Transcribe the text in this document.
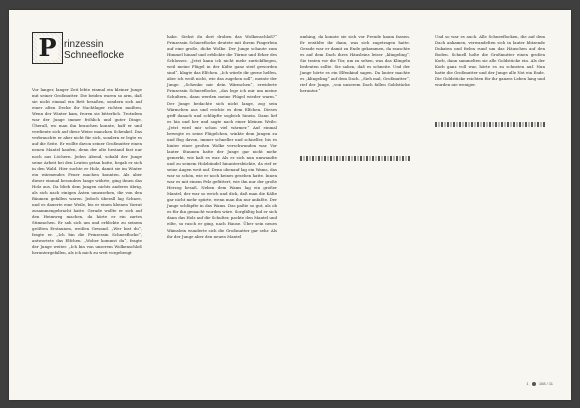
P rinzessin
Schneeflocke

Vor langer, langer Zeit lebte einmal ein kleiner Junge mit seiner Großmutter. Die beiden waren so arm, daß sie nicht einmal ein Bett besaßen, sondern sich auf einer alten Decke ihr Nachtlager richten mußten. Wenn der Winter kam, froren sie bitterlich. Trotzdem war der Junge immer fröhlich und guter Dinge. Überall, wo man ihn brauchen konnte, half er und verdiente sich auf diese Weise manchen Schenkel. Das verbrauchte er aber nicht für sich, sondern er legte es auf die Seite. Er wollte davon seiner Großmutter einen neuen Mantel kaufen, denn der alte bestand fast nur noch aus Löchern. Jeden Abend, sobald der Junge seine Arbeit bei den Leuten getan hatte, begab er sich in den Wald. Hier suchte er Holz, damit sie im Winter ein wärmendes Feuer machen konnten. Als aber dieser einmal besonders lange währte, ging ihnen das Holz aus. Da blieb dem Jungen nichts anderes übrig, als sich nach einigen Ästen umzusehen, die von den Bäumen gefallen waren. Jedoch überall lag Schnee, und es dauerte eine Weile, bis er einen kleinen Vorrat zusammengebracht hatte. Gerade wollte er sich auf den Heimweg machen, da hörte er ein zartes Stimmchen. Er sah sich um und erblickte zu seinem größten Erstaunen, weißen Gewand. „Wer bist du“, fragte er. „Ich bin die Prinzessin Schneeflocke“, antwortete das Elfchen. „Woher kommst du“, fragte der Junge weiter. „Ich bin von unserem Wolkenschloß heruntergefallen, als ich mich zu weit vorgebeugt

habe. Siehst du dort droben das Wolkenschloß?“ Prinzessin Schneeflocke deutete mit ihrem Fingerlein auf eine große, dicke Wolke. Der Junge schaute zum Himmel hinauf und erblickte die Türme und Erker des Schlosses. „Jetzt kann ich nicht mehr zurückfliegen, weil meine Flügel in der Kälte ganz steif geworden sind“, klagte das Elfchen. „Ich würde dir gerne helfen, aber ich weiß nicht, wie das zugehen soll“, meinte der Junge. „Schenke mir dein Wärmchen“, erwiderte Prinzessin Schneeflocke, „das lege ich mir um meine Schultern, dann werden meine Flügel wieder warm.“ Der Junge bedachte sich nicht lange, zog sein Wärmchen aus und reichte es dem Elfchen. Dieses griff danach und schlüpfte sogleich hinein. Dann lief es hin und her und sagte nach einer kleinen Weile: „Jetzt wird mir schon viel wärmer.“ Auf einmal bewegte es seine Flügelchen, winkte dem Jungen zu und flog davon, immer schneller und schneller, bis es hinter einer großen Wolke verschwunden war. Vor lauter Staunen hatte der Junge gar nicht mehr gemerkt, wie kalt es war. Als er sich nun umwandte und zu seinem Holzbündel hinuntersbückte, da rief er seine Augen weit auf. Denn obenauf lag ein Wams, das war so schön, wie er noch keines gesehen hatte. Innen war es mit einem Pelz gefüttert, wie ihn nur der große Herzog besaß. Neben dem Wams lag ein großer Mantel, der war so weich und dick, daß man die Kälte gar nicht mehr spürte, wenn man ihn nur anfaßte. Der Junge schlüpfte in das Wams. Das paßte so gut, als ob es für ihn gemacht worden wäre. Sorgfältig lud er sich dann das Holz auf die Schulter, packte den Mantel und eilte, so rasch er ging, nach Hause. Über sein neues Wämslein wunderte sich die Großmutter gar sehr. Als ihr der Junge aber den neuen Mantel

umhing, da konnte sie sich vor Freude kaum fassen. Er erzählte ihr dann, was sich zugetragen hatte. Gerade war er damit zu Ende gekommen, da rauschte es auf dem Dach ihres Häusleins leiser „klingeling“. Sie traten vor die Tür, um zu sehen, was das Klingeln bedeuten sollte. Sie sahen, daß es schneite. Und der Junge hörte es ein Elfenkind sagen. Da lauter machte es „klingeling“ auf dem Dach. „Sieh mal, Großmutter“, rief der Junge, „von unserem Dach fallen Goldstücke herunter.“

Und so war es auch. Alle Schneeflocken, die auf dem Dach ankamen, verwandelten sich in lauter blitzende Dukaten und fielen rund um das Häuschen auf den Boden. Schnell holte die Großmutter einen großen Korb, dann sammelten sie alle Goldstücke ein. Als der Korb ganz voll war, hörte es zu schneien auf. Nun hatte die Großmutter und der Junge alle Not ein Ende. Die Goldstücke reichten für ihr ganzes Leben lang und wurden nie weniger.

1	108 / 11
